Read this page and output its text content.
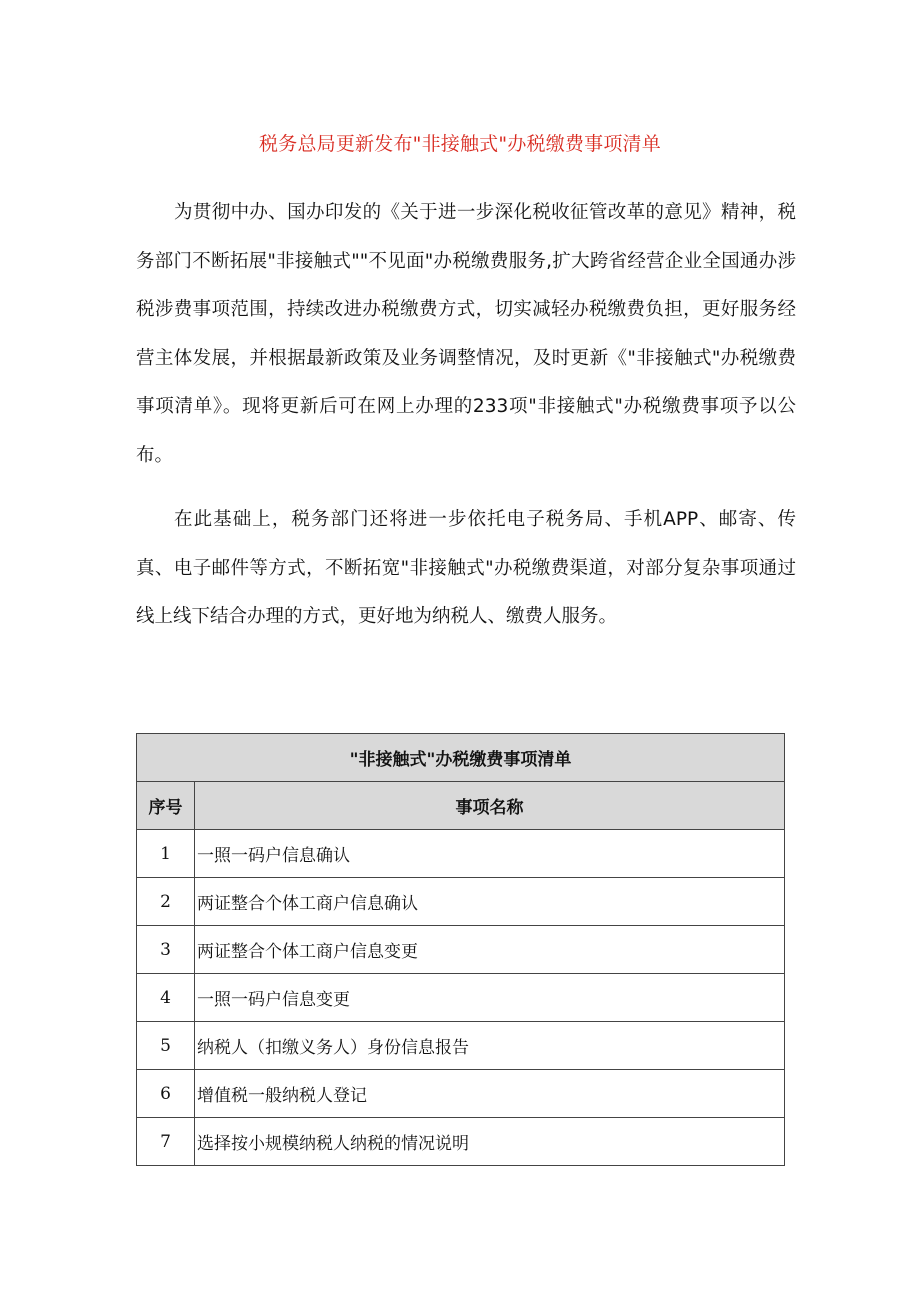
税务总局更新发布"非接触式"办税缴费事项清单

为贯彻中办、国办印发的《关于进一步深化税收征管改革的意见》精神，税务部门不断拓展"非接触式""不见面"办税缴费服务,扩大跨省经营企业全国通办涉税涉费事项范围，持续改进办税缴费方式，切实减轻办税缴费负担，更好服务经营主体发展，并根据最新政策及业务调整情况，及时更新《"非接触式"办税缴费事项清单》。现将更新后可在网上办理的233项"非接触式"办税缴费事项予以公布。

在此基础上，税务部门还将进一步依托电子税务局、手机APP、邮寄、传真、电子邮件等方式，不断拓宽"非接触式"办税缴费渠道，对部分复杂事项通过线上线下结合办理的方式，更好地为纳税人、缴费人服务。

"非接触式"办税缴费事项清单	
序号	事项名称
1	一照一码户信息确认
2	两证整合个体工商户信息确认
3	两证整合个体工商户信息变更
4	一照一码户信息变更
5	纳税人（扣缴义务人）身份信息报告
6	增值税一般纳税人登记
7	选择按小规模纳税人纳税的情况说明
